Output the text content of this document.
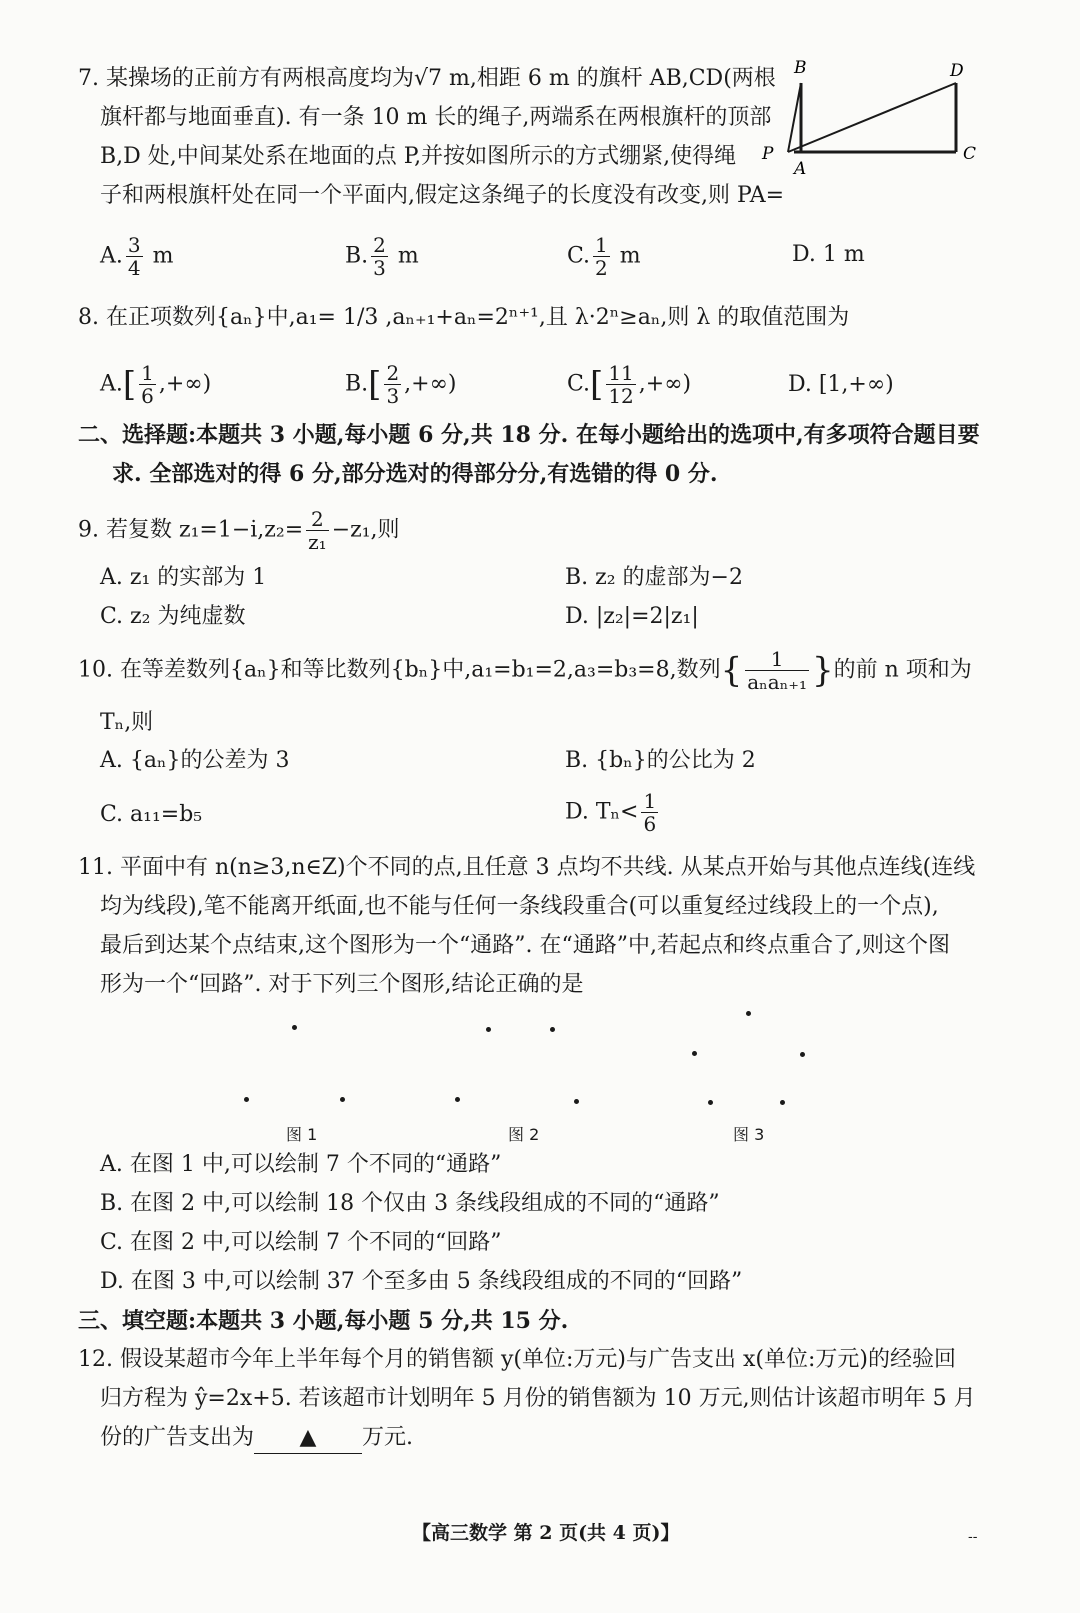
7. 某操场的正前方有两根高度均为√7 m,相距 6 m 的旗杆 AB,CD(两根
旗杆都与地面垂直). 有一条 10 m 长的绳子,两端系在两根旗杆的顶部
B,D 处,中间某处系在地面的点 P,并按如图所示的方式绷紧,使得绳
子和两根旗杆处在同一个平面内,假定这条绳子的长度没有改变,则 PA=
B	D
P
A
C
A. $\frac{3}{4}$ m	B. $\frac{2}{3}$ m	C. $\frac{1}{2}$ m	D. 1 m
8. 在正项数列{aₙ}中,a₁= 1/3 ,aₙ₊₁+aₙ=2ⁿ⁺¹,且 λ·2ⁿ≥aₙ,则 λ 的取值范围为
$A.[ \frac{1}{6}$ ,+∞)	$B.[ \frac{2}{3}$ ,+∞)	$C.[ \frac{11}{12}$ ,+∞)	D. [1,+∞)
二、选择题:本题共 3 小题,每小题 6 分,共 18 分. 在每小题给出的选项中,有多项符合题目要
求. 全部选对的得 6 分,部分选对的得部分分,有选错的得 0 分.
9. 若复数 $z_1=1-i,z_2= \frac{2}{\text{z₁}} -z_1$,则
A. z₁ 的实部为 1	B. z₂ 的虚部为−2
C. z₂ 为纯虚数	D. |z₂|=2|z₁|
10. 在等差数列{aₙ}和等比数列{bₙ}中,a₁=b₁=2,a₃=b₃=8,数列{ $\frac{1}{\text{aₙaₙ₊₁}}$ }的前 n 项和为
Tₙ,则
A. {aₙ}的公差为 3	B. {bₙ}的公比为 2
C. a₁₁=b₅	D. $T_n< \frac{1}{6}$
11. 平面中有 n(n≥3,n∈Z)个不同的点,且任意 3 点均不共线. 从某点开始与其他点连线(连线
均为线段),笔不能离开纸面,也不能与任何一条线段重合(可以重复经过线段上的一个点),
最后到达某个点结束,这个图形为一个“通路”. 在“通路”中,若起点和终点重合了,则这个图
形为一个“回路”. 对于下列三个图形,结论正确的是
图 1	图 2	图 3
A. 在图 1 中,可以绘制 7 个不同的“通路”
B. 在图 2 中,可以绘制 18 个仅由 3 条线段组成的不同的“通路”
C. 在图 2 中,可以绘制 7 个不同的“回路”
D. 在图 3 中,可以绘制 37 个至多由 5 条线段组成的不同的“回路”
三、填空题:本题共 3 小题,每小题 5 分,共 15 分.
12. 假设某超市今年上半年每个月的销售额 y(单位:万元)与广告支出 x(单位:万元)的经验回
归方程为 ŷ=2x+5. 若该超市计划明年 5 月份的销售额为 10 万元,则估计该超市明年 5 月
份的广告支出为 ▲ 万元.
【高三数学 第 2 页(共 4 页)】	--
